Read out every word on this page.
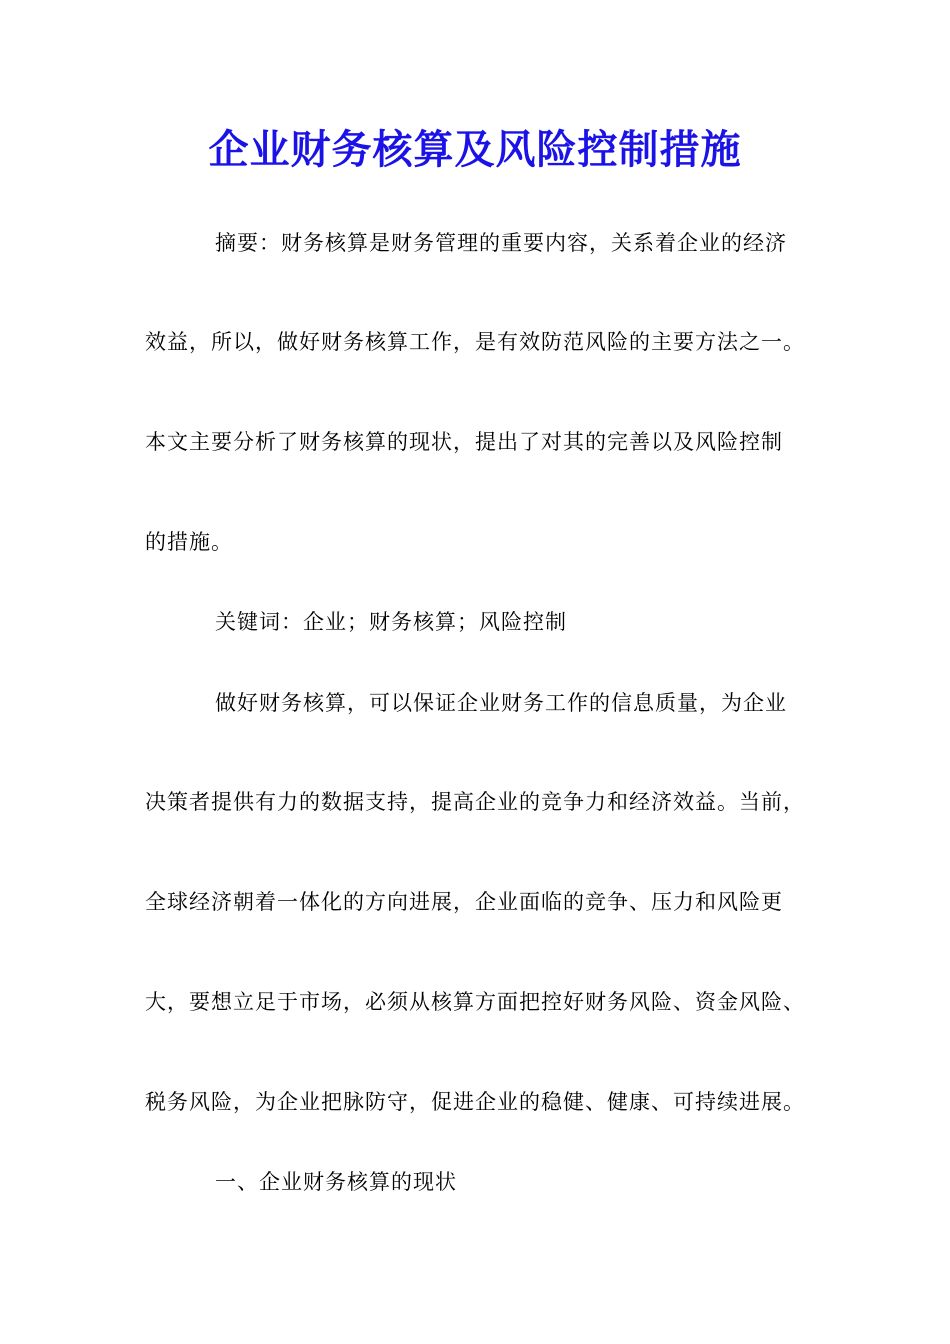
企业财务核算及风险控制措施
摘要：财务核算是财务管理的重要内容，关系着企业的经济
效益，所以，做好财务核算工作，是有效防范风险的主要方法之一。
本文主要分析了财务核算的现状，提出了对其的完善以及风险控制
的措施。
关键词：企业；财务核算；风险控制
做好财务核算，可以保证企业财务工作的信息质量，为企业
决策者提供有力的数据支持，提高企业的竞争力和经济效益。当前，
全球经济朝着一体化的方向进展，企业面临的竞争、压力和风险更
大，要想立足于市场，必须从核算方面把控好财务风险、资金风险、
税务风险，为企业把脉防守，促进企业的稳健、健康、可持续进展。
一、企业财务核算的现状
